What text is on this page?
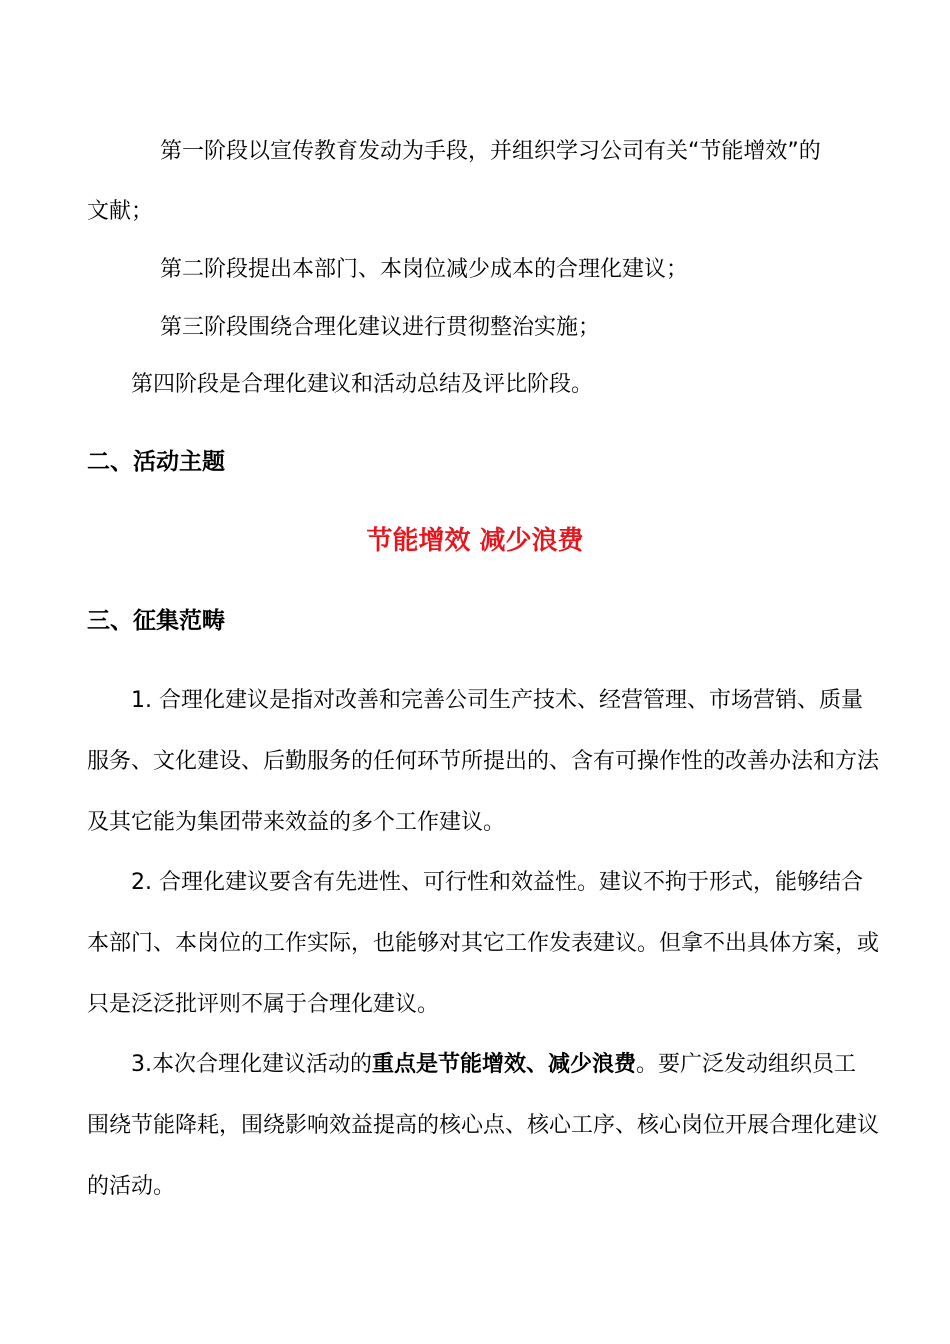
第一阶段以宣传教育发动为手段，并组织学习公司有关“节能增效”的

文献；

第二阶段提出本部门、本岗位减少成本的合理化建议；

第三阶段围绕合理化建议进行贯彻整治实施；

第四阶段是合理化建议和活动总结及评比阶段。

二、活动主题

节能增效 减少浪费

三、征集范畴

1. 合理化建议是指对改善和完善公司生产技术、经营管理、市场营销、质量

服务、文化建设、后勤服务的任何环节所提出的、含有可操作性的改善办法和方法

及其它能为集团带来效益的多个工作建议。

2. 合理化建议要含有先进性、可行性和效益性。建议不拘于形式，能够结合

本部门、本岗位的工作实际，也能够对其它工作发表建议。但拿不出具体方案，或

只是泛泛批评则不属于合理化建议。

3.本次合理化建议活动的重点是节能增效、减少浪费。要广泛发动组织员工

围绕节能降耗，围绕影响效益提高的核心点、核心工序、核心岗位开展合理化建议

的活动。
